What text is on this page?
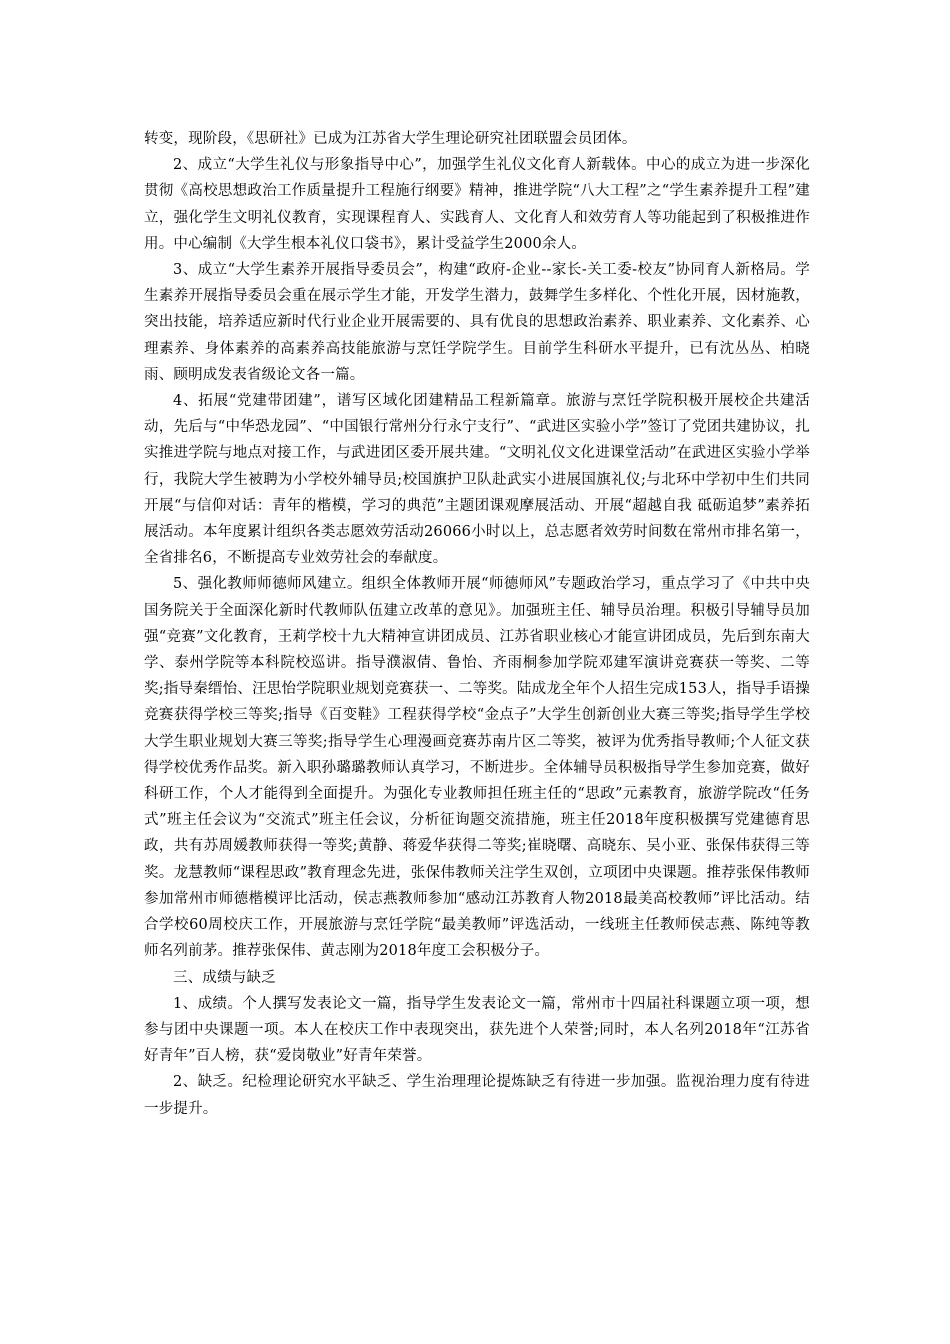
转变，现阶段，《思研社》已成为江苏省大学生理论研究社团联盟会员团体。

2、成立“大学生礼仪与形象指导中心”，加强学生礼仪文化育人新载体。中心的成立为进一步深化贯彻《高校思想政治工作质量提升工程施行纲要》精神，推进学院“八大工程”之“学生素养提升工程”建立，强化学生文明礼仪教育，实现课程育人、实践育人、文化育人和效劳育人等功能起到了积极推进作用。中心编制《大学生根本礼仪口袋书》，累计受益学生2000余人。

3、成立“大学生素养开展指导委员会”，构建“政府-企业--家长-关工委-校友”协同育人新格局。学生素养开展指导委员会重在展示学生才能，开发学生潜力，鼓舞学生多样化、个性化开展，因材施教，突出技能，培养适应新时代行业企业开展需要的、具有优良的思想政治素养、职业素养、文化素养、心理素养、身体素养的高素养高技能旅游与烹饪学院学生。目前学生科研水平提升，已有沈丛丛、柏晓雨、顾明成发表省级论文各一篇。

4、拓展“党建带团建”，谱写区域化团建精品工程新篇章。旅游与烹饪学院积极开展校企共建活动，先后与“中华恐龙园”、“中国银行常州分行永宁支行”、“武进区实验小学”签订了党团共建协议，扎实推进学院与地点对接工作，与武进团区委开展共建。“文明礼仪文化进课堂活动”在武进区实验小学举行，我院大学生被聘为小学校外辅导员;校国旗护卫队赴武实小进展国旗礼仪;与北环中学初中生们共同开展“与信仰对话：青年的楷模，学习的典范”主题团课观摩展活动、开展“超越自我 砥砺追梦”素养拓展活动。本年度累计组织各类志愿效劳活动26066小时以上，总志愿者效劳时间数在常州市排名第一，全省排名6，不断提高专业效劳社会的奉献度。

5、强化教师师德师风建立。组织全体教师开展“师德师风”专题政治学习，重点学习了《中共中央国务院关于全面深化新时代教师队伍建立改革的意见》。加强班主任、辅导员治理。积极引导辅导员加强“竞赛”文化教育，王莉学校十九大精神宣讲团成员、江苏省职业核心才能宣讲团成员，先后到东南大学、泰州学院等本科院校巡讲。指导濮淑倩、鲁怡、齐雨桐参加学院邓建军演讲竞赛获一等奖、二等奖;指导秦缙怡、汪思怡学院职业规划竞赛获一、二等奖。陆成龙全年个人招生完成153人，指导手语操竞赛获得学校三等奖;指导《百变鞋》工程获得学校“金点子”大学生创新创业大赛三等奖;指导学生学校大学生职业规划大赛三等奖;指导学生心理漫画竞赛苏南片区二等奖，被评为优秀指导教师;个人征文获得学校优秀作品奖。新入职孙璐璐教师认真学习，不断进步。全体辅导员积极指导学生参加竞赛，做好科研工作，个人才能得到全面提升。为强化专业教师担任班主任的“思政”元素教育，旅游学院改“任务式”班主任会议为“交流式”班主任会议，分析征询题交流措施，班主任2018年度积极撰写党建德育思政，共有苏周媛教师获得一等奖;黄静、蒋爱华获得二等奖;崔晓曙、高晓东、吴小亚、张保伟获得三等奖。龙慧教师“课程思政”教育理念先进，张保伟教师关注学生双创，立项团中央课题。推荐张保伟教师参加常州市师德楷模评比活动，侯志燕教师参加“感动江苏教育人物2018最美高校教师”评比活动。结合学校60周校庆工作，开展旅游与烹饪学院“最美教师”评选活动，一线班主任教师侯志燕、陈纯等教师名列前茅。推荐张保伟、黄志刚为2018年度工会积极分子。

三、成绩与缺乏

1、成绩。个人撰写发表论文一篇，指导学生发表论文一篇，常州市十四届社科课题立项一项，想参与团中央课题一项。本人在校庆工作中表现突出，获先进个人荣誉;同时，本人名列2018年“江苏省好青年”百人榜，获“爱岗敬业”好青年荣誉。

2、缺乏。纪检理论研究水平缺乏、学生治理理论提炼缺乏有待进一步加强。监视治理力度有待进一步提升。
